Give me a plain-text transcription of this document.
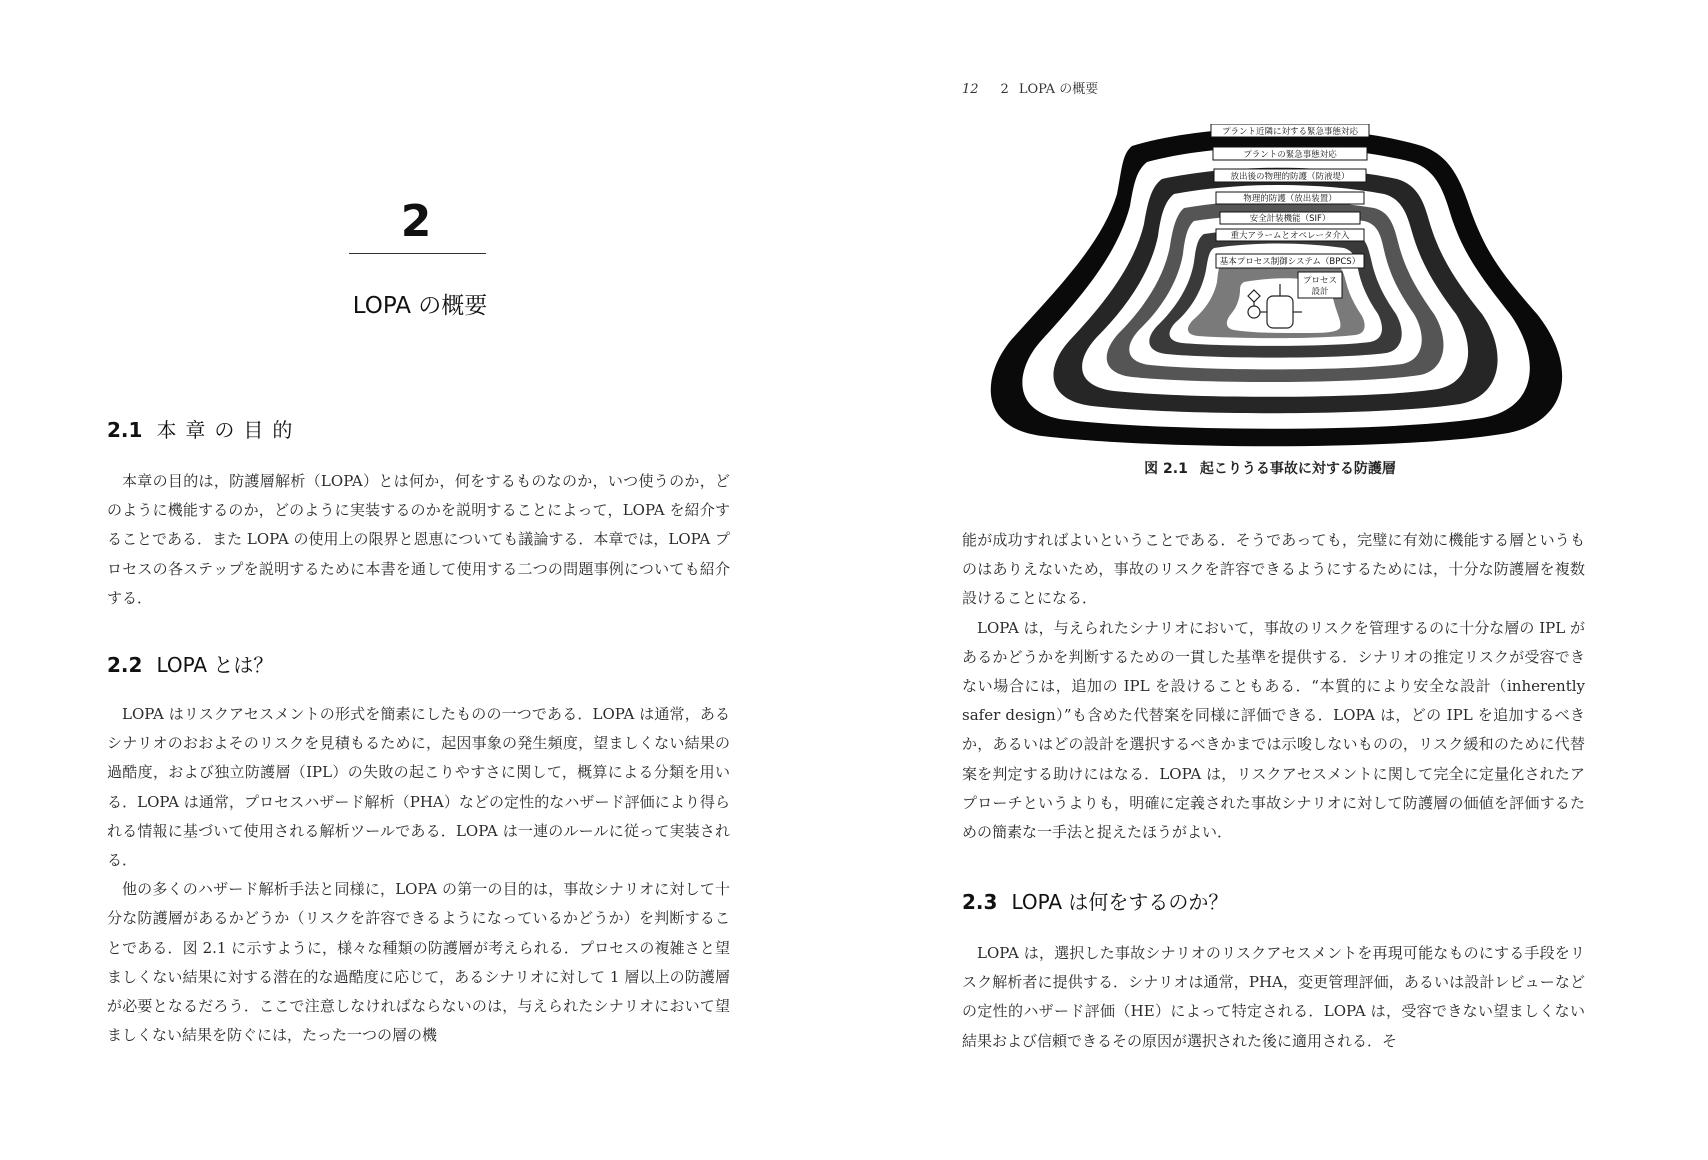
2
LOPA の概要
2.1 本章の目的

本章の目的は，防護層解析（LOPA）とは何か，何をするものなのか，いつ使うのか，どのように機能するのか，どのように実装するのかを説明することによって，LOPA を紹介することである．また LOPA の使用上の限界と恩恵についても議論する．本章では，LOPA プロセスの各ステップを説明するために本書を通して使用する二つの問題事例についても紹介する．

2.2 LOPA とは？

LOPA はリスクアセスメントの形式を簡素にしたものの一つである．LOPA は通常，あるシナリオのおおよそのリスクを見積もるために，起因事象の発生頻度，望ましくない結果の過酷度，および独立防護層（IPL）の失敗の起こりやすさに関して，概算による分類を用いる．LOPA は通常，プロセスハザード解析（PHA）などの定性的なハザード評価により得られる情報に基づいて使用される解析ツールである．LOPA は一連のルールに従って実装される．

他の多くのハザード解析手法と同様に，LOPA の第一の目的は，事故シナリオに対して十分な防護層があるかどうか（リスクを許容できるようになっているかどうか）を判断することである．図 2.1 に示すように，様々な種類の防護層が考えられる．プロセスの複雑さと望ましくない結果に対する潜在的な過酷度に応じて，あるシナリオに対して 1 層以上の防護層が必要となるだろう．ここで注意しなければならないのは，与えられたシナリオにおいて望ましくない結果を防ぐには，たった一つの層の機

12 2 LOPA の概要
プラント近隣に対する緊急事態対応
プラントの緊急事態対応
放出後の物理的防護（防液堤）
物理的防護（放出装置）
安全計装機能（SIF）
重大アラームとオペレータ介入
基本プロセス制御システム（BPCS）
プロセス
設計
図 2.1 起こりうる事故に対する防護層

能が成功すればよいということである．そうであっても，完璧に有効に機能する層というものはありえないため，事故のリスクを許容できるようにするためには，十分な防護層を複数設けることになる．

LOPA は，与えられたシナリオにおいて，事故のリスクを管理するのに十分な層の IPL があるかどうかを判断するための一貫した基準を提供する．シナリオの推定リスクが受容できない場合には，追加の IPL を設けることもある．“本質的により安全な設計（inherently safer design）”も含めた代替案を同様に評価できる．LOPA は，どの IPL を追加するべきか，あるいはどの設計を選択するべきかまでは示唆しないものの，リスク緩和のために代替案を判定する助けにはなる．LOPA は，リスクアセスメントに関して完全に定量化されたアプローチというよりも，明確に定義された事故シナリオに対して防護層の価値を評価するための簡素な一手法と捉えたほうがよい．

2.3 LOPA は何をするのか？

LOPA は，選択した事故シナリオのリスクアセスメントを再現可能なものにする手段をリスク解析者に提供する．シナリオは通常，PHA，変更管理評価，あるいは設計レビューなどの定性的ハザード評価（HE）によって特定される．LOPA は，受容できない望ましくない結果および信頼できるその原因が選択された後に適用される．そ
